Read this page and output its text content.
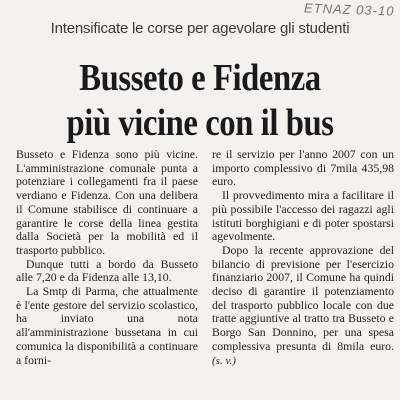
ETNAZ 03-10
Intensificate le corse per agevolare gli studenti
Busseto e Fidenza
più vicine con il bus

Busseto e Fidenza sono più vicine. L'amministrazione comunale punta a potenziare i collegamenti fra il paese verdiano e Fidenza. Con una delibera il Comune stabilisce di continuare a garantire le corse della linea gestita dalla Società per la mobilità ed il trasporto pubblico.

Dunque tutti a bordo da Busseto alle 7,20 e da Fidenza alle 13,10.

La Smtp di Parma, che attualmente è l'ente gestore del servizio scolastico, ha inviato una nota all'amministrazione bussetana in cui comunica la disponibilità a continuare a forni-

re il servizio per l'anno 2007 con un importo complessivo di 7mila 435,98 euro.

Il provvedimento mira a facilitare il più possibile l'accesso dei ragazzi agli istituti borghigiani e di poter spostarsi agevolmente.

Dopo la recente approvazione del bilancio di previsione per l'esercizio finanziario 2007, il Comune ha quindi deciso di garantire il potenziamento del trasporto pubblico locale con due tratte aggiuntive al tratto tra Busseto e Borgo San Donnino, per una spesa complessiva presunta di 8mila euro. (s. v.)
